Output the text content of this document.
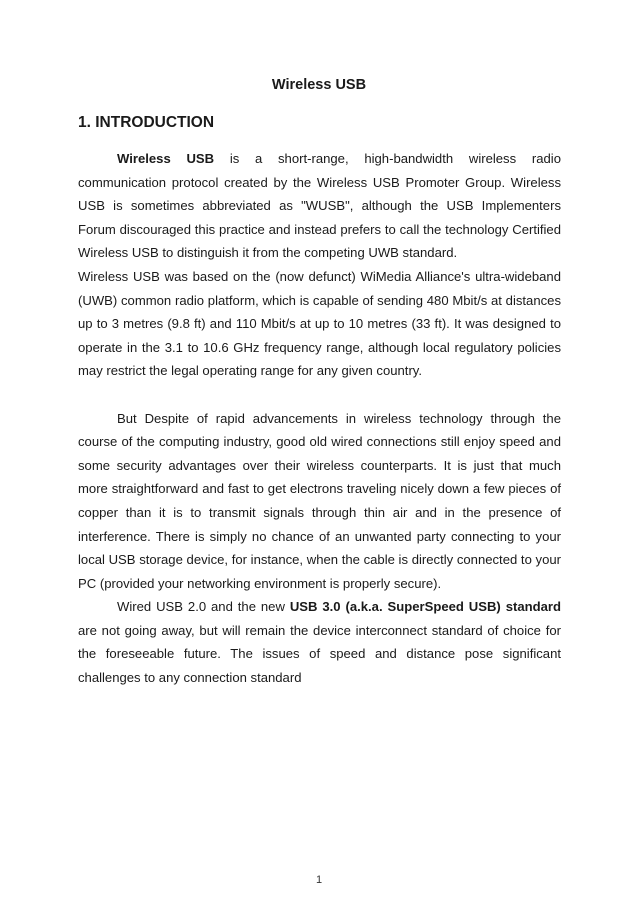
Wireless USB
1. INTRODUCTION

Wireless USB is a short-range, high-bandwidth wireless radio communication protocol created by the Wireless USB Promoter Group. Wireless USB is sometimes abbreviated as "WUSB", although the USB Implementers Forum discouraged this practice and instead prefers to call the technology Certified Wireless USB to distinguish it from the competing UWB standard.

Wireless USB was based on the (now defunct) WiMedia Alliance's ultra-wideband (UWB) common radio platform, which is capable of sending 480 Mbit/s at distances up to 3 metres (9.8 ft) and 110 Mbit/s at up to 10 metres (33 ft). It was designed to operate in the 3.1 to 10.6 GHz frequency range, although local regulatory policies may restrict the legal operating range for any given country.

But Despite of rapid advancements in wireless technology through the course of the computing industry, good old wired connections still enjoy speed and some security advantages over their wireless counterparts. It is just that much more straightforward and fast to get electrons traveling nicely down a few pieces of copper than it is to transmit signals through thin air and in the presence of interference. There is simply no chance of an unwanted party connecting to your local USB storage device, for instance, when the cable is directly connected to your PC (provided your networking environment is properly secure).

Wired USB 2.0 and the new USB 3.0 (a.k.a. SuperSpeed USB) standard are not going away, but will remain the device interconnect standard of choice for the foreseeable future. The issues of speed and distance pose significant challenges to any connection standard

1
